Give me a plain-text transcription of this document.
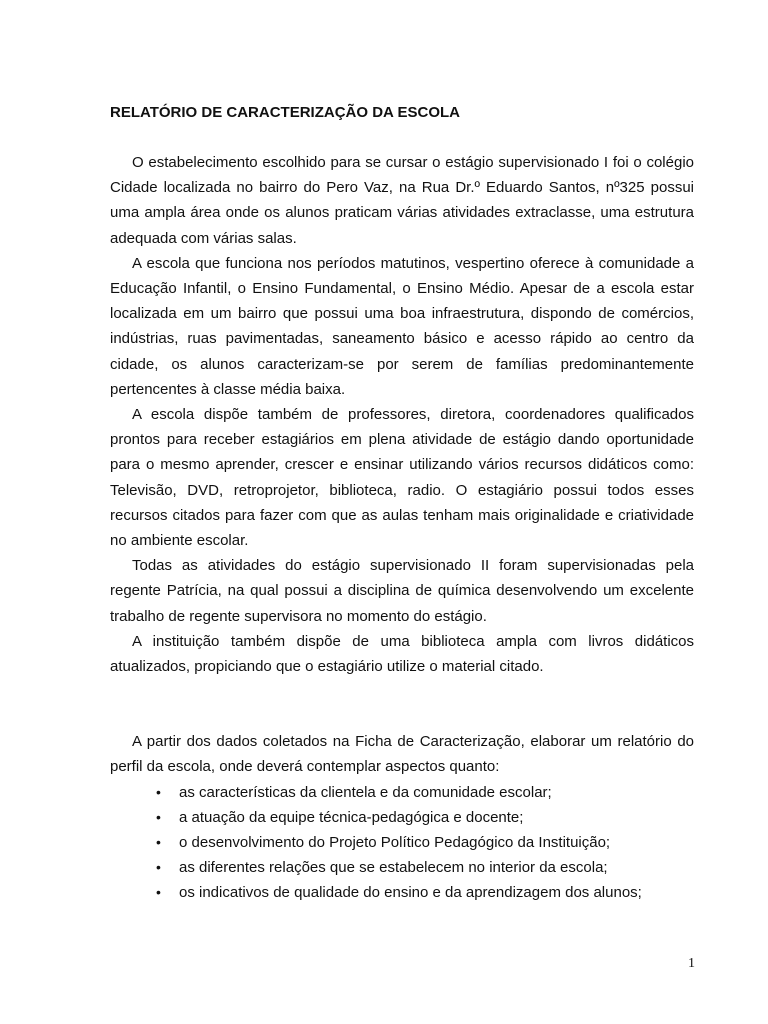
RELATÓRIO DE CARACTERIZAÇÃO DA ESCOLA

O estabelecimento escolhido para se cursar o estágio supervisionado I foi o colégio Cidade localizada no bairro do Pero Vaz, na Rua Dr.º Eduardo Santos, nº325 possui uma ampla área onde os alunos praticam várias atividades extraclasse, uma estrutura adequada com várias salas.

A escola que funciona nos períodos matutinos, vespertino oferece à comunidade a Educação Infantil, o Ensino Fundamental, o Ensino Médio. Apesar de a escola estar localizada em um bairro que possui uma boa infraestrutura, dispondo de comércios, indústrias, ruas pavimentadas, saneamento básico e acesso rápido ao centro da cidade, os alunos caracterizam-se por serem de famílias predominantemente pertencentes à classe média baixa.

A escola dispõe também de professores, diretora, coordenadores qualificados prontos para receber estagiários em plena atividade de estágio dando oportunidade para o mesmo aprender, crescer e ensinar utilizando vários recursos didáticos como: Televisão, DVD, retroprojetor, biblioteca, radio. O estagiário possui todos esses recursos citados para fazer com que as aulas tenham mais originalidade e criatividade no ambiente escolar.

Todas as atividades do estágio supervisionado II foram supervisionadas pela regente Patrícia, na qual possui a disciplina de química desenvolvendo um excelente trabalho de regente supervisora no momento do estágio.

A instituição também dispõe de uma biblioteca ampla com livros didáticos atualizados, propiciando que o estagiário utilize o material citado.

A partir dos dados coletados na Ficha de Caracterização, elaborar um relatório do perfil da escola, onde deverá contemplar aspectos quanto:

• as características da clientela e da comunidade escolar;
• a atuação da equipe técnica-pedagógica e docente;
• o desenvolvimento do Projeto Político Pedagógico da Instituição;
• as diferentes relações que se estabelecem no interior da escola;
• os indicativos de qualidade do ensino e da aprendizagem dos alunos;
1
